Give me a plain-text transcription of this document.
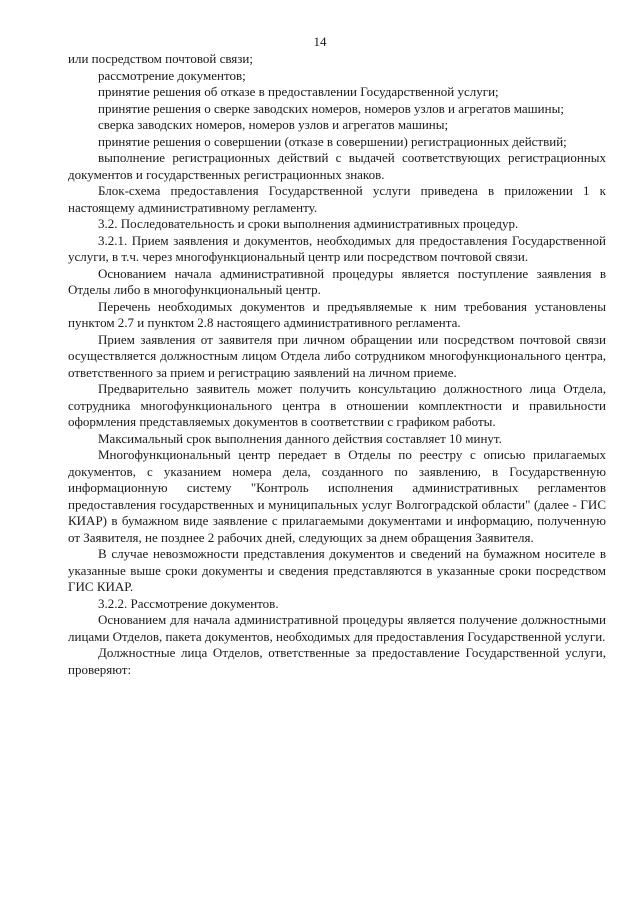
14

или посредством почтовой связи;

рассмотрение документов;

принятие решения об отказе в предоставлении Государственной услуги;

принятие решения о сверке заводских номеров, номеров узлов и агрегатов машины;

сверка заводских номеров, номеров узлов и агрегатов машины;

принятие решения о совершении (отказе в совершении) регистрационных действий;

выполнение регистрационных действий с выдачей соответствующих регистрационных документов и государственных регистрационных знаков.

Блок-схема предоставления Государственной услуги приведена в приложении 1 к настоящему административному регламенту.

3.2. Последовательность и сроки выполнения административных процедур.

3.2.1. Прием заявления и документов, необходимых для предоставления Государственной услуги, в т.ч. через многофункциональный центр или посредством почтовой связи.

Основанием начала административной процедуры является поступление заявления в Отделы либо в многофункциональный центр.

Перечень необходимых документов и предъявляемые к ним требования установлены пунктом 2.7 и пунктом 2.8 настоящего административного регламента.

Прием заявления от заявителя при личном обращении или посредством почтовой связи осуществляется должностным лицом Отдела либо сотрудником многофункционального центра, ответственного за прием и регистрацию заявлений на личном приеме.

Предварительно заявитель может получить консультацию должностного лица Отдела, сотрудника многофункционального центра в отношении комплектности и правильности оформления представляемых документов в соответствии с графиком работы.

Максимальный срок выполнения данного действия составляет 10 минут.

Многофункциональный центр передает в Отделы по реестру с описью прилагаемых документов, с указанием номера дела, созданного по заявлению, в Государственную информационную систему "Контроль исполнения административных регламентов предоставления государственных и муниципальных услуг Волгоградской области" (далее - ГИС КИАР) в бумажном виде заявление с прилагаемыми документами и информацию, полученную от Заявителя, не позднее 2 рабочих дней, следующих за днем обращения Заявителя.

В случае невозможности представления документов и сведений на бумажном носителе в указанные выше сроки документы и сведения представляются в указанные сроки посредством ГИС КИАР.

3.2.2. Рассмотрение документов.

Основанием для начала административной процедуры является получение должностными лицами Отделов, пакета документов, необходимых для предоставления Государственной услуги.

Должностные лица Отделов, ответственные за предоставление Государственной услуги, проверяют:
